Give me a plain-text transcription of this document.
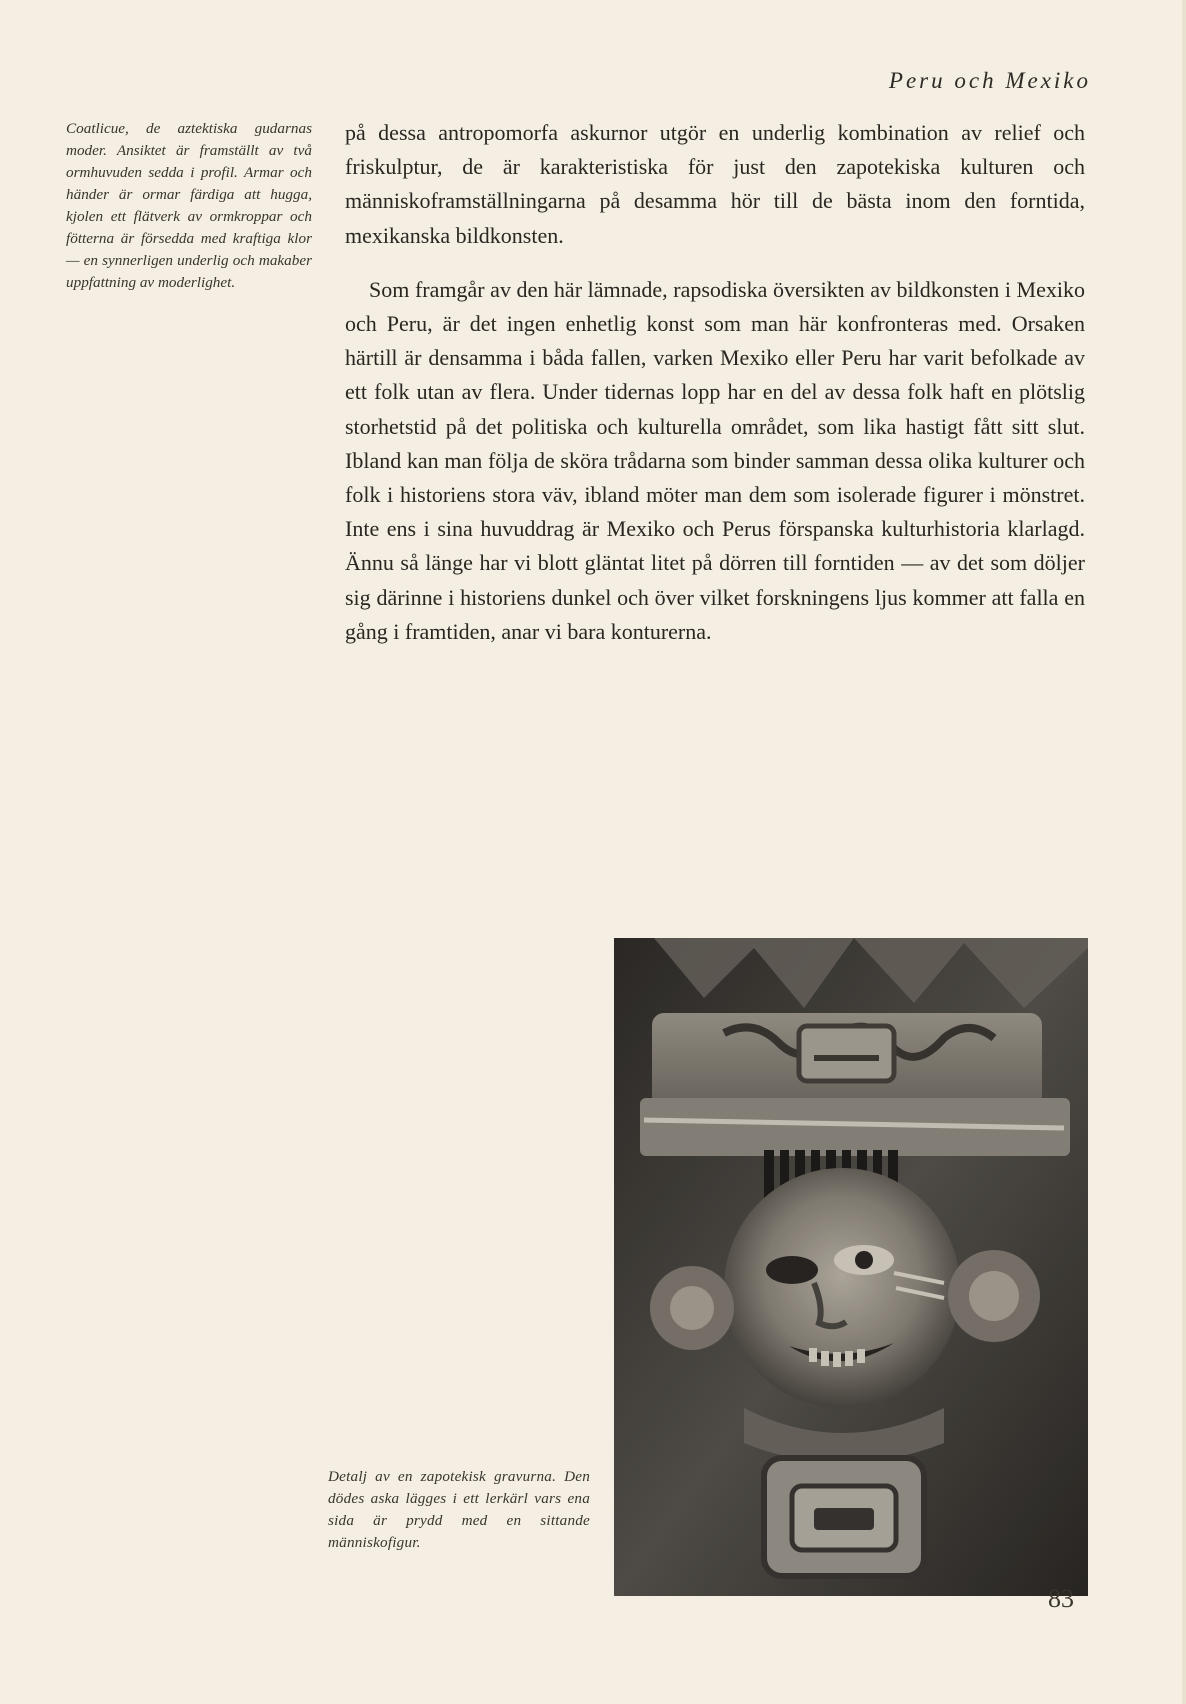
Peru och Mexiko
Coatlicue, de aztektiska gudarnas moder. Ansiktet är framställt av två ormhuvuden sedda i profil. Armar och händer är ormar färdiga att hugga, kjolen ett flätverk av ormkroppar och fötterna är försedda med kraftiga klor — en synnerligen underlig och makaber uppfattning av moderlighet.

på dessa antropomorfa askurnor utgör en underlig kombination av relief och friskulptur, de är karakteristiska för just den zapotekiska kulturen och människoframställningarna på desamma hör till de bästa inom den forntida, mexikanska bildkonsten.

Som framgår av den här lämnade, rapsodiska översikten av bildkonsten i Mexiko och Peru, är det ingen enhetlig konst som man här konfronteras med. Orsaken härtill är densamma i båda fallen, varken Mexiko eller Peru har varit befolkade av ett folk utan av flera. Under tidernas lopp har en del av dessa folk haft en plötslig storhetstid på det politiska och kulturella området, som lika hastigt fått sitt slut. Ibland kan man följa de sköra trådarna som binder samman dessa olika kulturer och folk i historiens stora väv, ibland möter man dem som isolerade figurer i mönstret. Inte ens i sina huvuddrag är Mexiko och Perus förspanska kulturhistoria klarlagd. Ännu så länge har vi blott gläntat litet på dörren till forntiden — av det som döljer sig därinne i historiens dunkel och över vilket forskningens ljus kommer att falla en gång i framtiden, anar vi bara konturerna.

Detalj av en zapotekisk gravurna. Den dödes aska lägges i ett lerkärl vars ena sida är prydd med en sittande människofigur.
83
